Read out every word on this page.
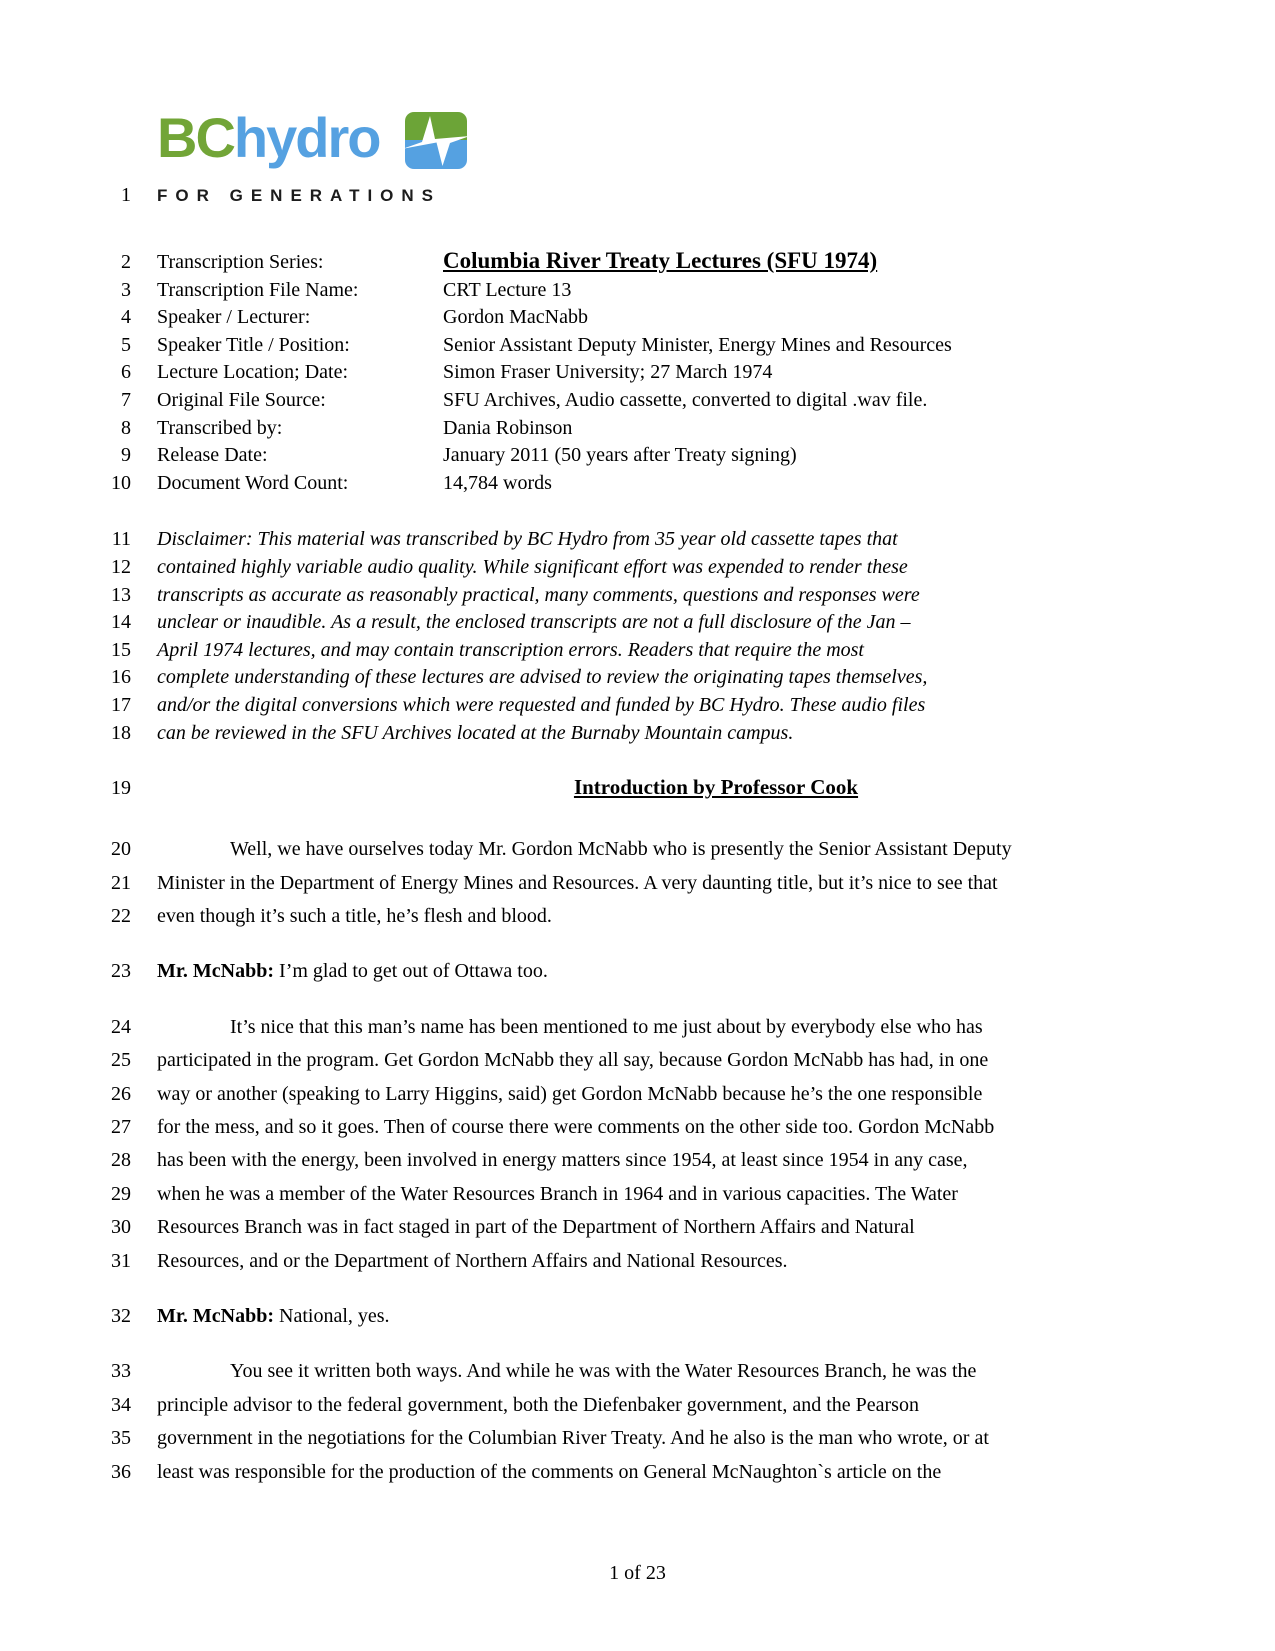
BChydro
1 FOR GENERATIONS
2 Transcription Series:	Columbia River Treaty Lectures (SFU 1974)
3 Transcription File Name:	CRT Lecture 13
4 Speaker / Lecturer:	Gordon MacNabb
5 Speaker Title / Position:	Senior Assistant Deputy Minister, Energy Mines and Resources
6 Lecture Location; Date:	Simon Fraser University; 27 March 1974
7 Original File Source:	SFU Archives, Audio cassette, converted to digital .wav file.
8 Transcribed by:	Dania Robinson
9 Release Date:	January 2011 (50 years after Treaty signing)
10 Document Word Count:	14,784 words
11 Disclaimer: This material was transcribed by BC Hydro from 35 year old cassette tapes that
12 contained highly variable audio quality. While significant effort was expended to render these
13 transcripts as accurate as reasonably practical, many comments, questions and responses were
14 unclear or inaudible. As a result, the enclosed transcripts are not a full disclosure of the Jan –
15 April 1974 lectures, and may contain transcription errors. Readers that require the most
16 complete understanding of these lectures are advised to review the originating tapes themselves,
17 and/or the digital conversions which were requested and funded by BC Hydro. These audio files
18 can be reviewed in the SFU Archives located at the Burnaby Mountain campus.
19	Introduction by Professor Cook
20	Well, we have ourselves today Mr. Gordon McNabb who is presently the Senior Assistant Deputy
21 Minister in the Department of Energy Mines and Resources. A very daunting title, but it’s nice to see that
22 even though it’s such a title, he’s flesh and blood.
23 Mr. McNabb: I’m glad to get out of Ottawa too.
24	It’s nice that this man’s name has been mentioned to me just about by everybody else who has
25 participated in the program. Get Gordon McNabb they all say, because Gordon McNabb has had, in one
26 way or another (speaking to Larry Higgins, said) get Gordon McNabb because he’s the one responsible
27 for the mess, and so it goes. Then of course there were comments on the other side too. Gordon McNabb
28 has been with the energy, been involved in energy matters since 1954, at least since 1954 in any case,
29 when he was a member of the Water Resources Branch in 1964 and in various capacities. The Water
30 Resources Branch was in fact staged in part of the Department of Northern Affairs and Natural
31 Resources, and or the Department of Northern Affairs and National Resources.
32 Mr. McNabb: National, yes.
33	You see it written both ways. And while he was with the Water Resources Branch, he was the
34 principle advisor to the federal government, both the Diefenbaker government, and the Pearson
35 government in the negotiations for the Columbian River Treaty. And he also is the man who wrote, or at
36 least was responsible for the production of the comments on General McNaughton`s article on the
1 of 23
